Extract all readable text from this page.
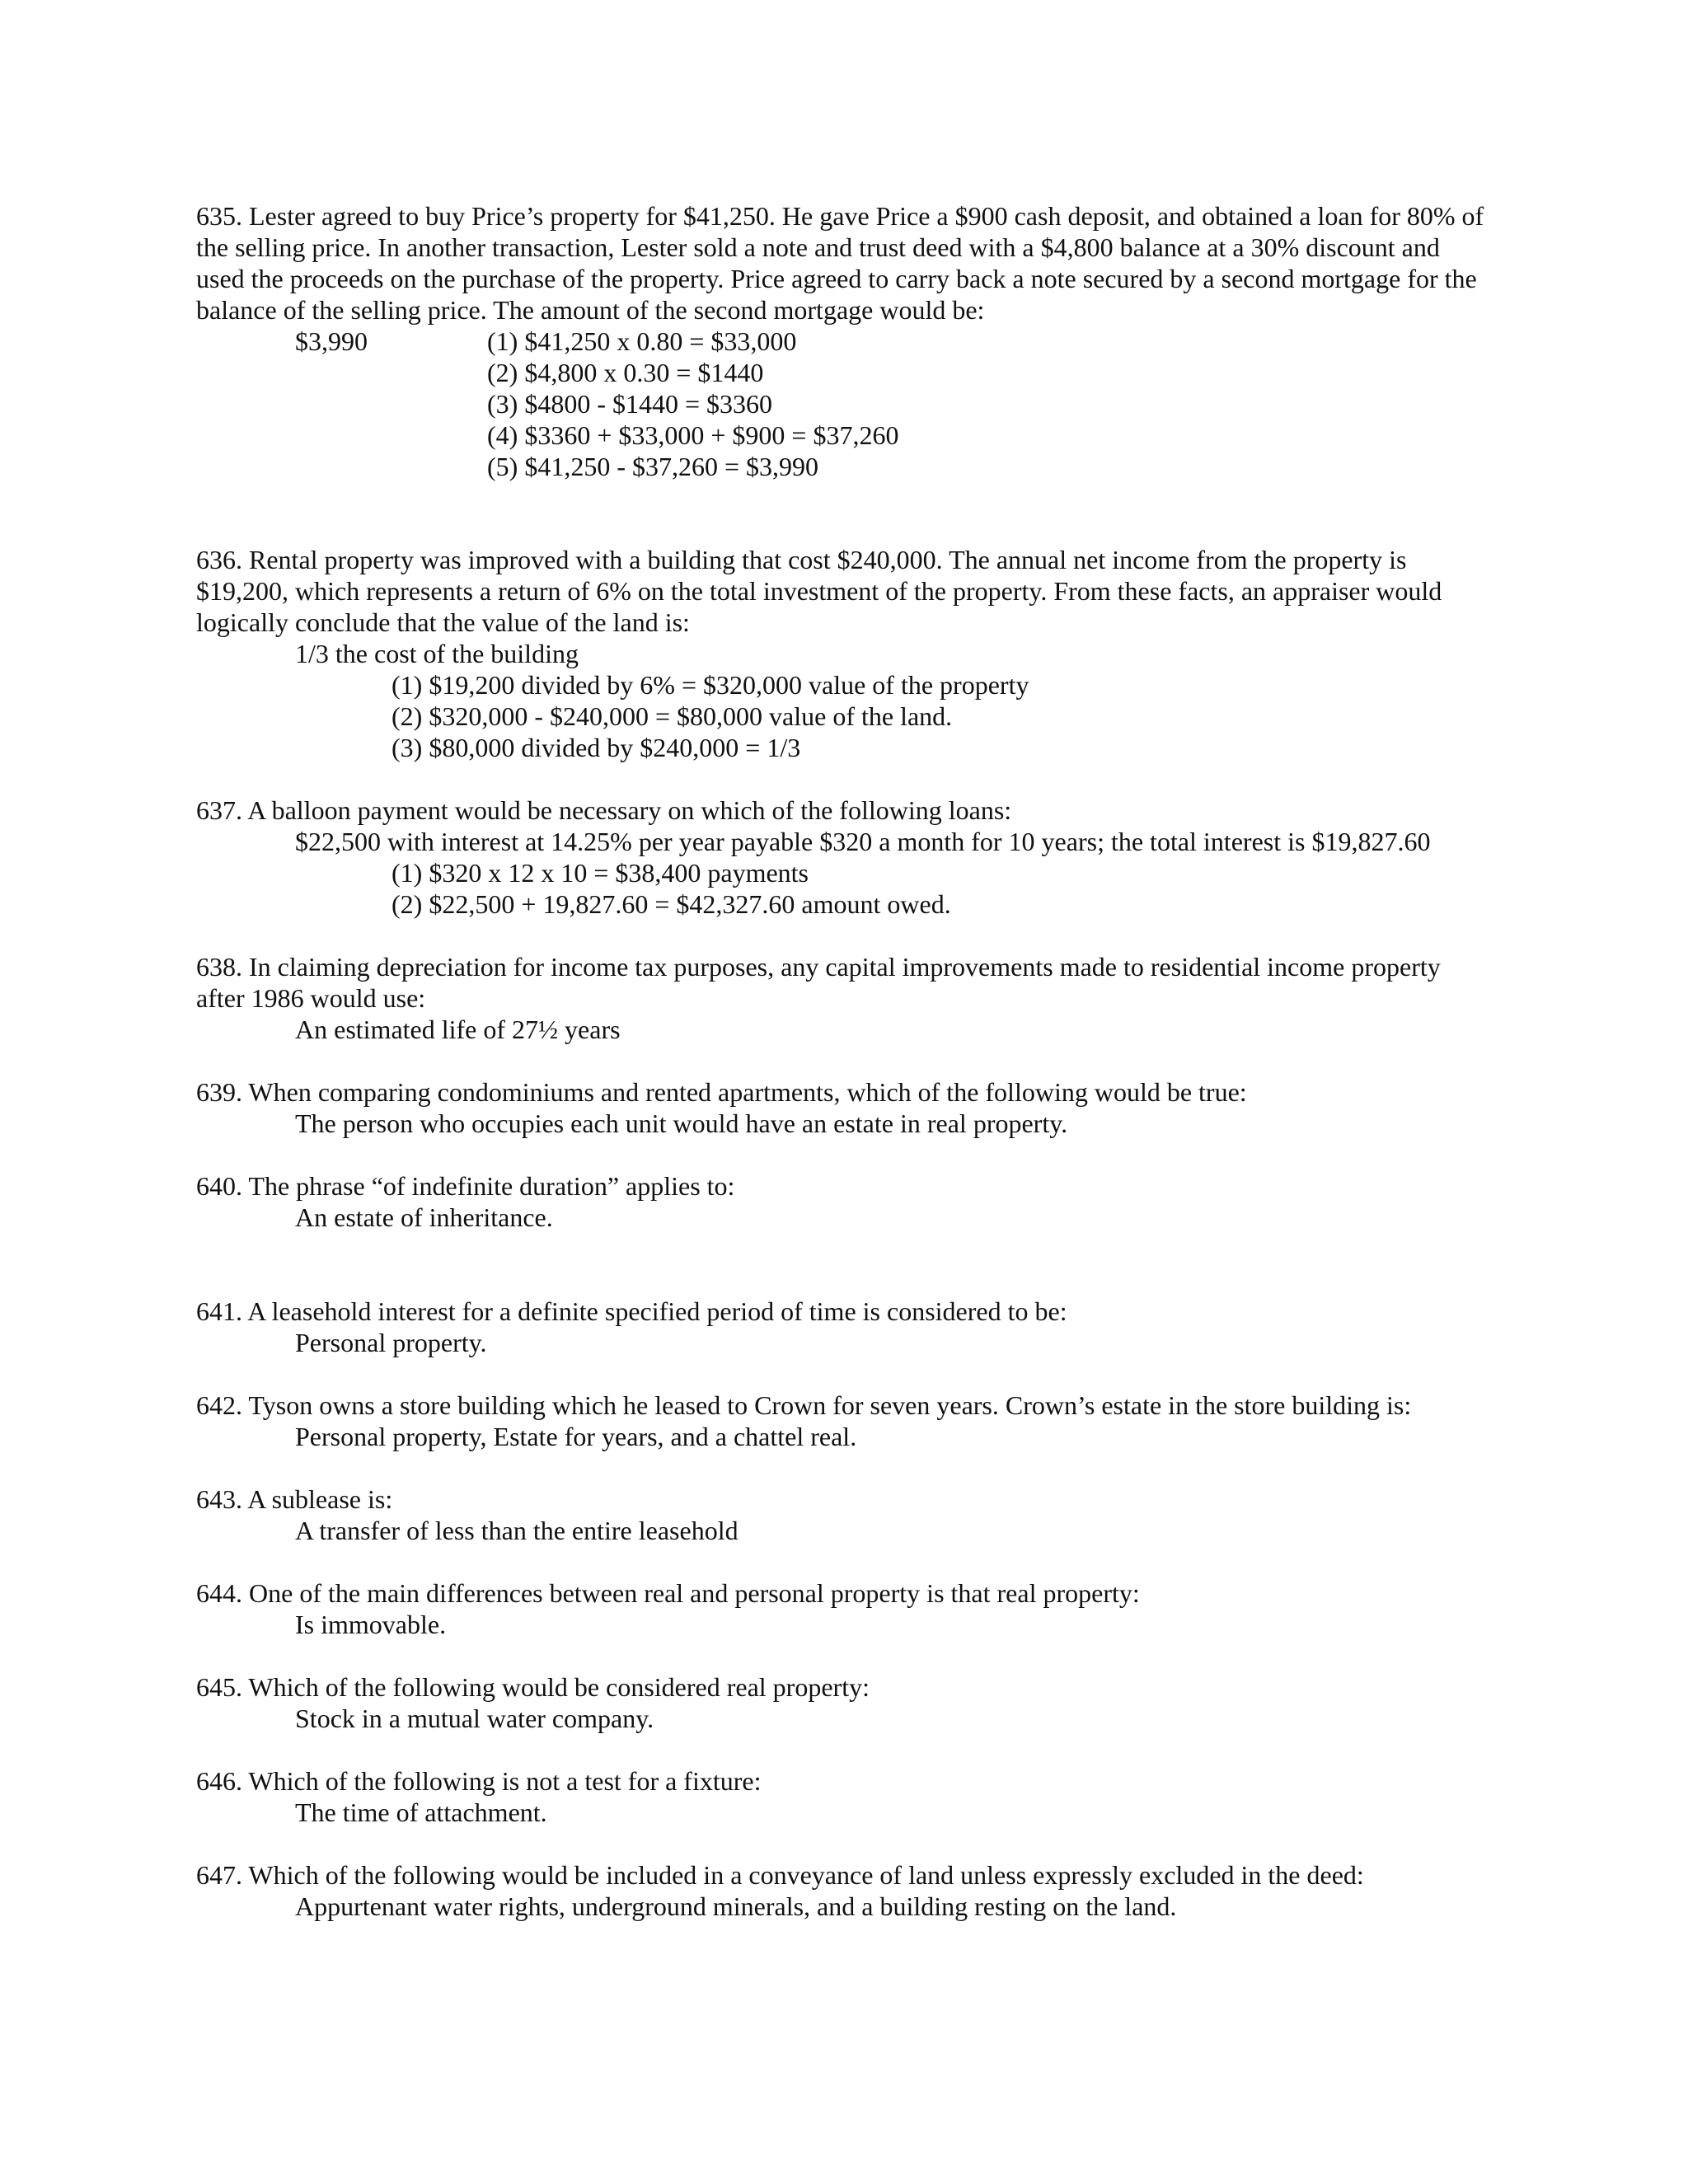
635. Lester agreed to buy Price’s property for $41,250. He gave Price a $900 cash deposit, and obtained a loan for 80% of the selling price. In another transaction, Lester sold a note and trust deed with a $4,800 balance at a 30% discount and used the proceeds on the purchase of the property. Price agreed to carry back a note secured by a second mortgage for the balance of the selling price. The amount of the second mortgage would be:

$3,990	(1) $41,250 x 0.80 = $33,000
(2) $4,800 x 0.30 = $1440
(3) $4800 - $1440 = $3360
(4) $3360 + $33,000 + $900 = $37,260
(5) $41,250 - $37,260 = $3,990

636. Rental property was improved with a building that cost $240,000. The annual net income from the property is $19,200, which represents a return of 6% on the total investment of the property. From these facts, an appraiser would logically conclude that the value of the land is:

1/3 the cost of the building
(1) $19,200 divided by 6% = $320,000 value of the property
(2) $320,000 - $240,000 = $80,000 value of the land.
(3) $80,000 divided by $240,000 = 1/3

637. A balloon payment would be necessary on which of the following loans:

$22,500 with interest at 14.25% per year payable $320 a month for 10 years; the total interest is $19,827.60
(1) $320 x 12 x 10 = $38,400 payments
(2) $22,500 + 19,827.60 = $42,327.60 amount owed.

638. In claiming depreciation for income tax purposes, any capital improvements made to residential income property after 1986 would use:

An estimated life of 27½ years

639. When comparing condominiums and rented apartments, which of the following would be true:

The person who occupies each unit would have an estate in real property.

640. The phrase “of indefinite duration” applies to:

An estate of inheritance.

641. A leasehold interest for a definite specified period of time is considered to be:

Personal property.

642. Tyson owns a store building which he leased to Crown for seven years. Crown’s estate in the store building is:

Personal property, Estate for years, and a chattel real.

643. A sublease is:

A transfer of less than the entire leasehold

644. One of the main differences between real and personal property is that real property:

Is immovable.

645. Which of the following would be considered real property:

Stock in a mutual water company.

646. Which of the following is not a test for a fixture:

The time of attachment.

647. Which of the following would be included in a conveyance of land unless expressly excluded in the deed:

Appurtenant water rights, underground minerals, and a building resting on the land.
